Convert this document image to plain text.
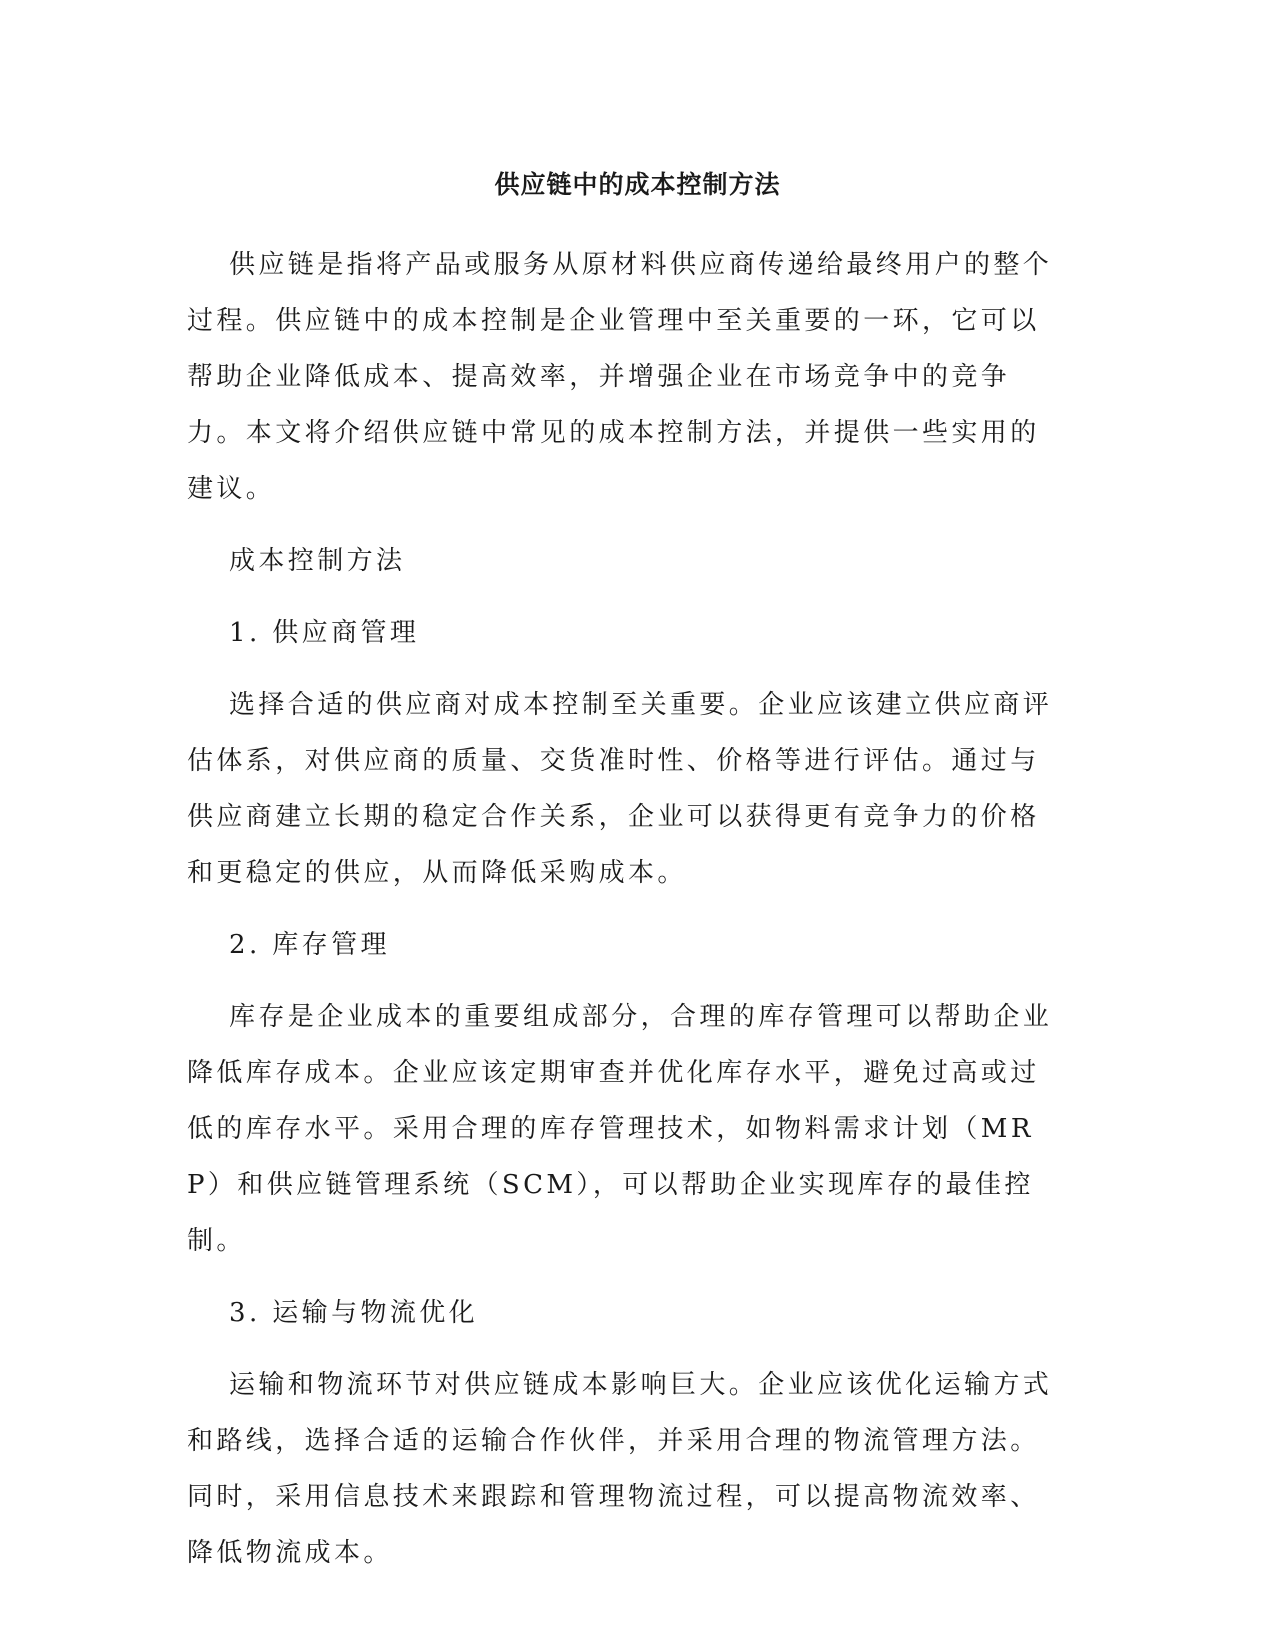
供应链中的成本控制方法

供应链是指将产品或服务从原材料供应商传递给最终用户的整个过程。供应链中的成本控制是企业管理中至关重要的一环，它可以帮助企业降低成本、提高效率，并增强企业在市场竞争中的竞争力。本文将介绍供应链中常见的成本控制方法，并提供一些实用的建议。

成本控制方法

1. 供应商管理

选择合适的供应商对成本控制至关重要。企业应该建立供应商评估体系，对供应商的质量、交货准时性、价格等进行评估。通过与供应商建立长期的稳定合作关系，企业可以获得更有竞争力的价格和更稳定的供应，从而降低采购成本。

2. 库存管理

库存是企业成本的重要组成部分，合理的库存管理可以帮助企业降低库存成本。企业应该定期审查并优化库存水平，避免过高或过低的库存水平。采用合理的库存管理技术，如物料需求计划（MRP）和供应链管理系统（SCM），可以帮助企业实现库存的最佳控制。

3. 运输与物流优化

运输和物流环节对供应链成本影响巨大。企业应该优化运输方式和路线，选择合适的运输合作伙伴，并采用合理的物流管理方法。同时，采用信息技术来跟踪和管理物流过程，可以提高物流效率、降低物流成本。
